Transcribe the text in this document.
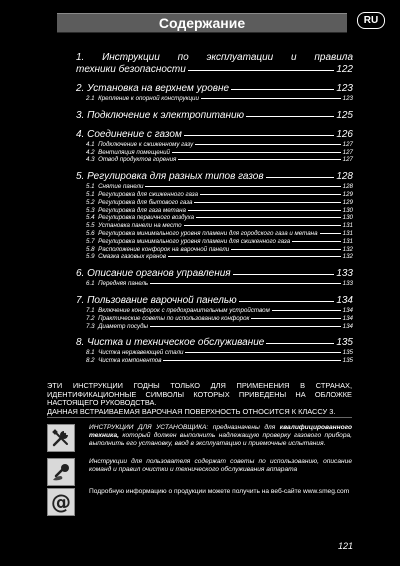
Содержание	RU
1. Инструкции по эксплуатации и правила
техники безопасности	122
2. Установка на верхнем уровне	123
2.1 Крепление к опорной конструкции	123
3. Подключение к электропитанию	125
4. Соединение с газом	126
4.1 Подключение к сжиженному газу	127
4.2 Вентиляция помещений	127
4.3 Отвод продуктов горения	127
5. Регулировка для разных типов газов	128
5.1 Снятие панели	128
5.1 Регулировка для сжиженного газа	129
5.2 Регулировка для бытового газа	129
5.3 Регулировка для газа метана	130
5.4 Регулировка первичного воздуха	130
5.5 Установка панели на место	131
5.6 Регулировка минимального уровня пламени для городского газа и метана	131
5.7 Регулировка минимального уровня пламени для сжиженного газа	131
5.8 Расположение конфорок на варочной панели	132
5.9 Смазка газовых кранов	132
6. Описание органов управления	133
6.1 Передняя панель	133
7. Пользование варочной панелью	134
7.1 Включение конфорок с предохранительным устройством	134
7.2 Практические советы по использованию конфорок	134
7.3 Диаметр посуды	134
8. Чистка и техническое обслуживание	135
8.1 Чистка нержавеющей стали	135
8.2 Чистка компонентов	135

ЭТИ ИНСТРУКЦИИ ГОДНЫ ТОЛЬКО ДЛЯ ПРИМЕНЕНИЯ В СТРАНАХ, ИДЕНТИФИКАЦИОННЫЕ СИМВОЛЫ КОТОРЫХ ПРИВЕДЕНЫ НА ОБЛОЖКЕ НАСТОЯЩЕГО РУКОВОДСТВА.

ДАННАЯ ВСТРАИВАЕМАЯ ВАРОЧНАЯ ПОВЕРХНОСТЬ ОТНОСИТСЯ К КЛАССУ 3.

ИНСТРУКЦИИ ДЛЯ УСТАНОВЩИКА: предназначены для квалифицированного техника, который должен выполнить надлежащую проверку газового прибора, выполнить его установку, ввод в эксплуатацию и приемочные испытания.
Инструкции для пользователя содержат советы по использованию, описание команд и правил очистки и технического обслуживания аппарата
@	Подробную информацию о продукции можете получить на веб-сайте www.smeg.com
121
